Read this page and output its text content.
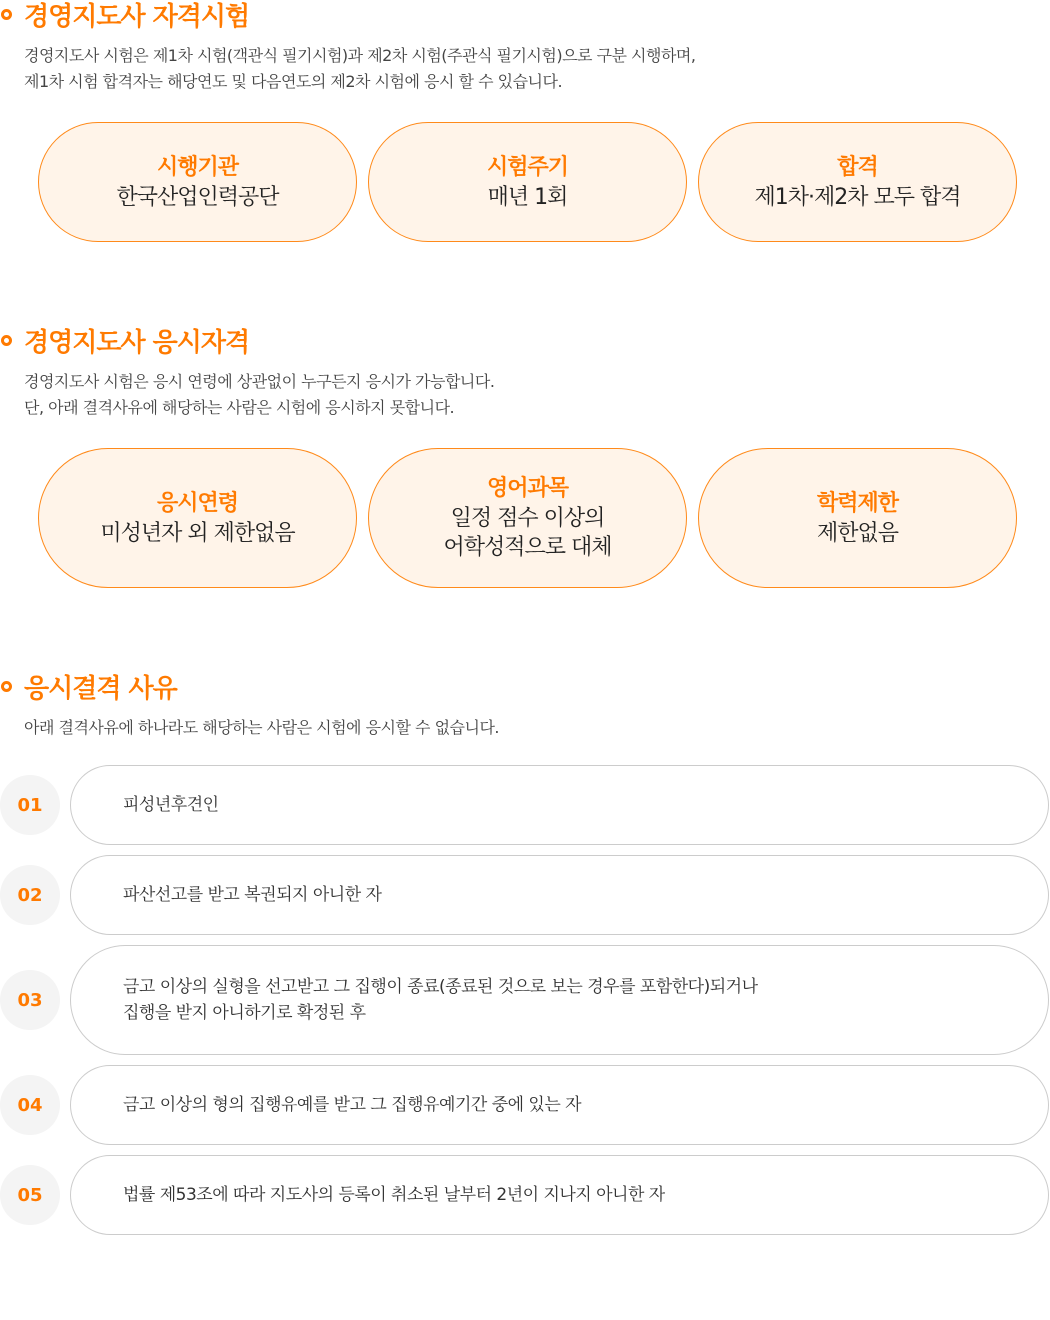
경영지도사 자격시험
경영지도사 시험은 제1차 시험(객관식 필기시험)과 제2차 시험(주관식 필기시험)으로 구분 시행하며,
제1차 시험 합격자는 해당연도 및 다음연도의 제2차 시험에 응시 할 수 있습니다.
시행기관
한국산업인력공단
시험주기
매년 1회
합격
제1차·제2차 모두 합격
경영지도사 응시자격
경영지도사 시험은 응시 연령에 상관없이 누구든지 응시가 가능합니다.
단, 아래 결격사유에 해당하는 사람은 시험에 응시하지 못합니다.
응시연령
미성년자 외 제한없음
영어과목
일정 점수 이상의
어학성적으로 대체
학력제한
제한없음
응시결격 사유
아래 결격사유에 하나라도 해당하는 사람은 시험에 응시할 수 없습니다.
01	피성년후견인
02	파산선고를 받고 복권되지 아니한 자
03
금고 이상의 실형을 선고받고 그 집행이 종료(종료된 것으로 보는 경우를 포함한다)되거나
집행을 받지 아니하기로 확정된 후
04	금고 이상의 형의 집행유예를 받고 그 집행유예기간 중에 있는 자
05	법률 제53조에 따라 지도사의 등록이 취소된 날부터 2년이 지나지 아니한 자
